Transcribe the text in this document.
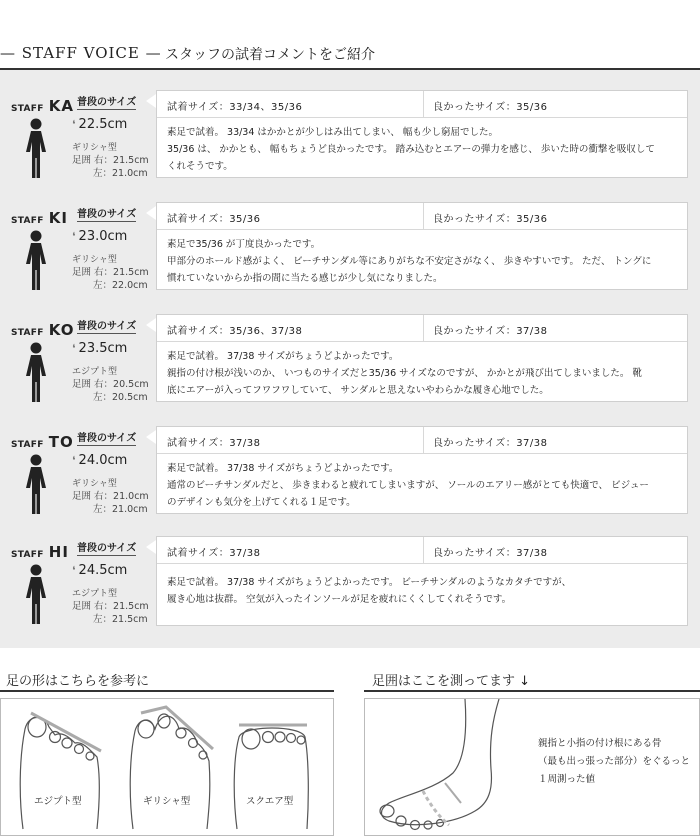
— STAFF VOICE — スタッフの試着コメントをご紹介
STAFF KA 普段のサイズ
❛ 22.5cm
ギリシャ型
足囲 右：21.5cm
左：21.0cm
試着サイズ：33/34、35/36	良かったサイズ：35/36
素足で試着。 33/34 はかかとが少しはみ出てしまい、 幅も少し窮屈でした。
35/36 は、 かかとも、 幅もちょうど良かったです。 踏み込むとエアーの弾力を感じ、 歩いた時の衝撃を吸収して
くれそうです。
STAFF KI 普段のサイズ
❛ 23.0cm
ギリシャ型
足囲 右：21.5cm
左：22.0cm
試着サイズ：35/36	良かったサイズ：35/36
素足で35/36 が丁度良かったです。
甲部分のホールド感がよく、 ビーチサンダル等にありがちな不安定さがなく、 歩きやすいです。 ただ、 トングに
慣れていないからか指の間に当たる感じが少し気になりました。
STAFF KO 普段のサイズ
❛ 23.5cm
エジプト型
足囲 右：20.5cm
左：20.5cm
試着サイズ：35/36、37/38	良かったサイズ：37/38
素足で試着。 37/38 サイズがちょうどよかったです。
親指の付け根が浅いのか、 いつものサイズだと35/36 サイズなのですが、 かかとが飛び出てしまいました。 靴
底にエアーが入ってフワフワしていて、 サンダルと思えないやわらかな履き心地でした。
STAFF TO 普段のサイズ
❛ 24.0cm
ギリシャ型
足囲 右：21.0cm
左：21.0cm
試着サイズ：37/38	良かったサイズ：37/38
素足で試着。 37/38 サイズがちょうどよかったです。
通常のビーチサンダルだと、 歩きまわると疲れてしまいますが、 ソールのエアリー感がとても快適で、 ビジュー
のデザインも気分を上げてくれる１足です。
STAFF HI 普段のサイズ
❛ 24.5cm
エジプト型
足囲 右：21.5cm
左：21.5cm
試着サイズ：37/38	良かったサイズ：37/38
素足で試着。 37/38 サイズがちょうどよかったです。 ビーチサンダルのようなカタチですが、
履き心地は抜群。 空気が入ったインソールが足を疲れにくくしてくれそうです。
足の形はこちらを参考に
エジプト型	ギリシャ型	スクエア型
足囲はここを測ってます ↓
親指と小指の付け根にある骨
（最も出っ張った部分）をぐるっと
１周測った値
